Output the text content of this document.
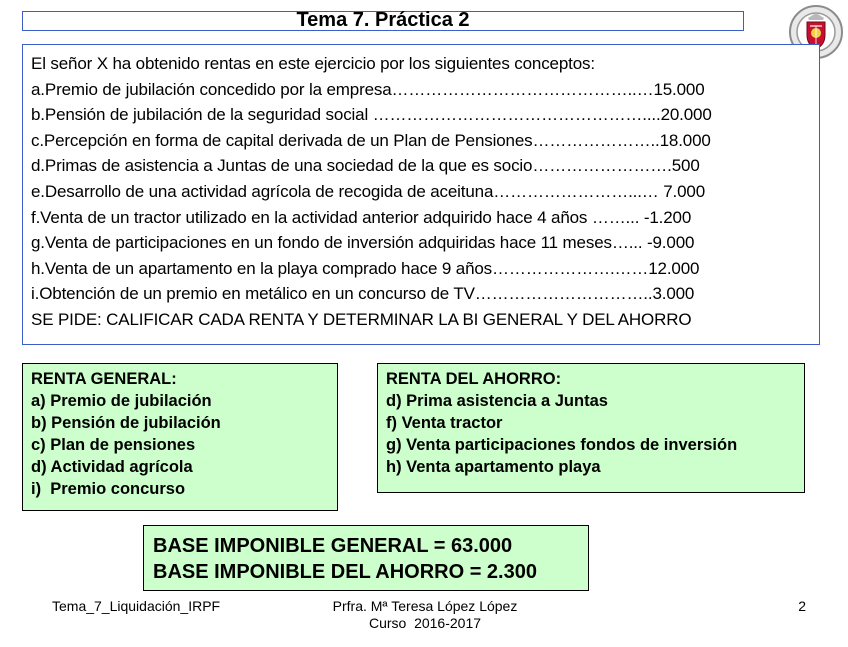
Tema 7. Práctica 2
El señor X ha obtenido rentas en este ejercicio por los siguientes conceptos:
a.Premio de jubilación concedido por la empresa……………………………………..…15.000
b.Pensión de jubilación de la seguridad social …………………………………………....20.000
c.Percepción en forma de capital derivada de un Plan de Pensiones…………………..18.000
d.Primas de asistencia a Juntas de una sociedad de la que es socio…………………….500
e.Desarrollo de una actividad agrícola de recogida de aceituna……………………...… 7.000
f.Venta de un tractor utilizado en la actividad anterior adquirido hace 4 años ……... -1.200
g.Venta de participaciones en un fondo de inversión adquiridas hace 11 meses…... -9.000
h.Venta de un apartamento en la playa comprado hace 9 años………………….……12.000
i.Obtención de un premio en metálico en un concurso de TV…………………………..3.000
SE PIDE: CALIFICAR CADA RENTA Y DETERMINAR LA BI GENERAL Y DEL AHORRO
RENTA GENERAL:
a) Premio de jubilación
b) Pensión de jubilación
c) Plan de pensiones
d) Actividad agrícola
i)  Premio concurso
RENTA DEL AHORRO:
d) Prima asistencia a Juntas
f) Venta tractor
g) Venta participaciones fondos de inversión
h) Venta apartamento playa
BASE IMPONIBLE GENERAL = 63.000
BASE IMPONIBLE DEL AHORRO = 2.300
Tema_7_Liquidación_IRPF	Prfra. Mª Teresa López López
Curso  2016-2017
2
